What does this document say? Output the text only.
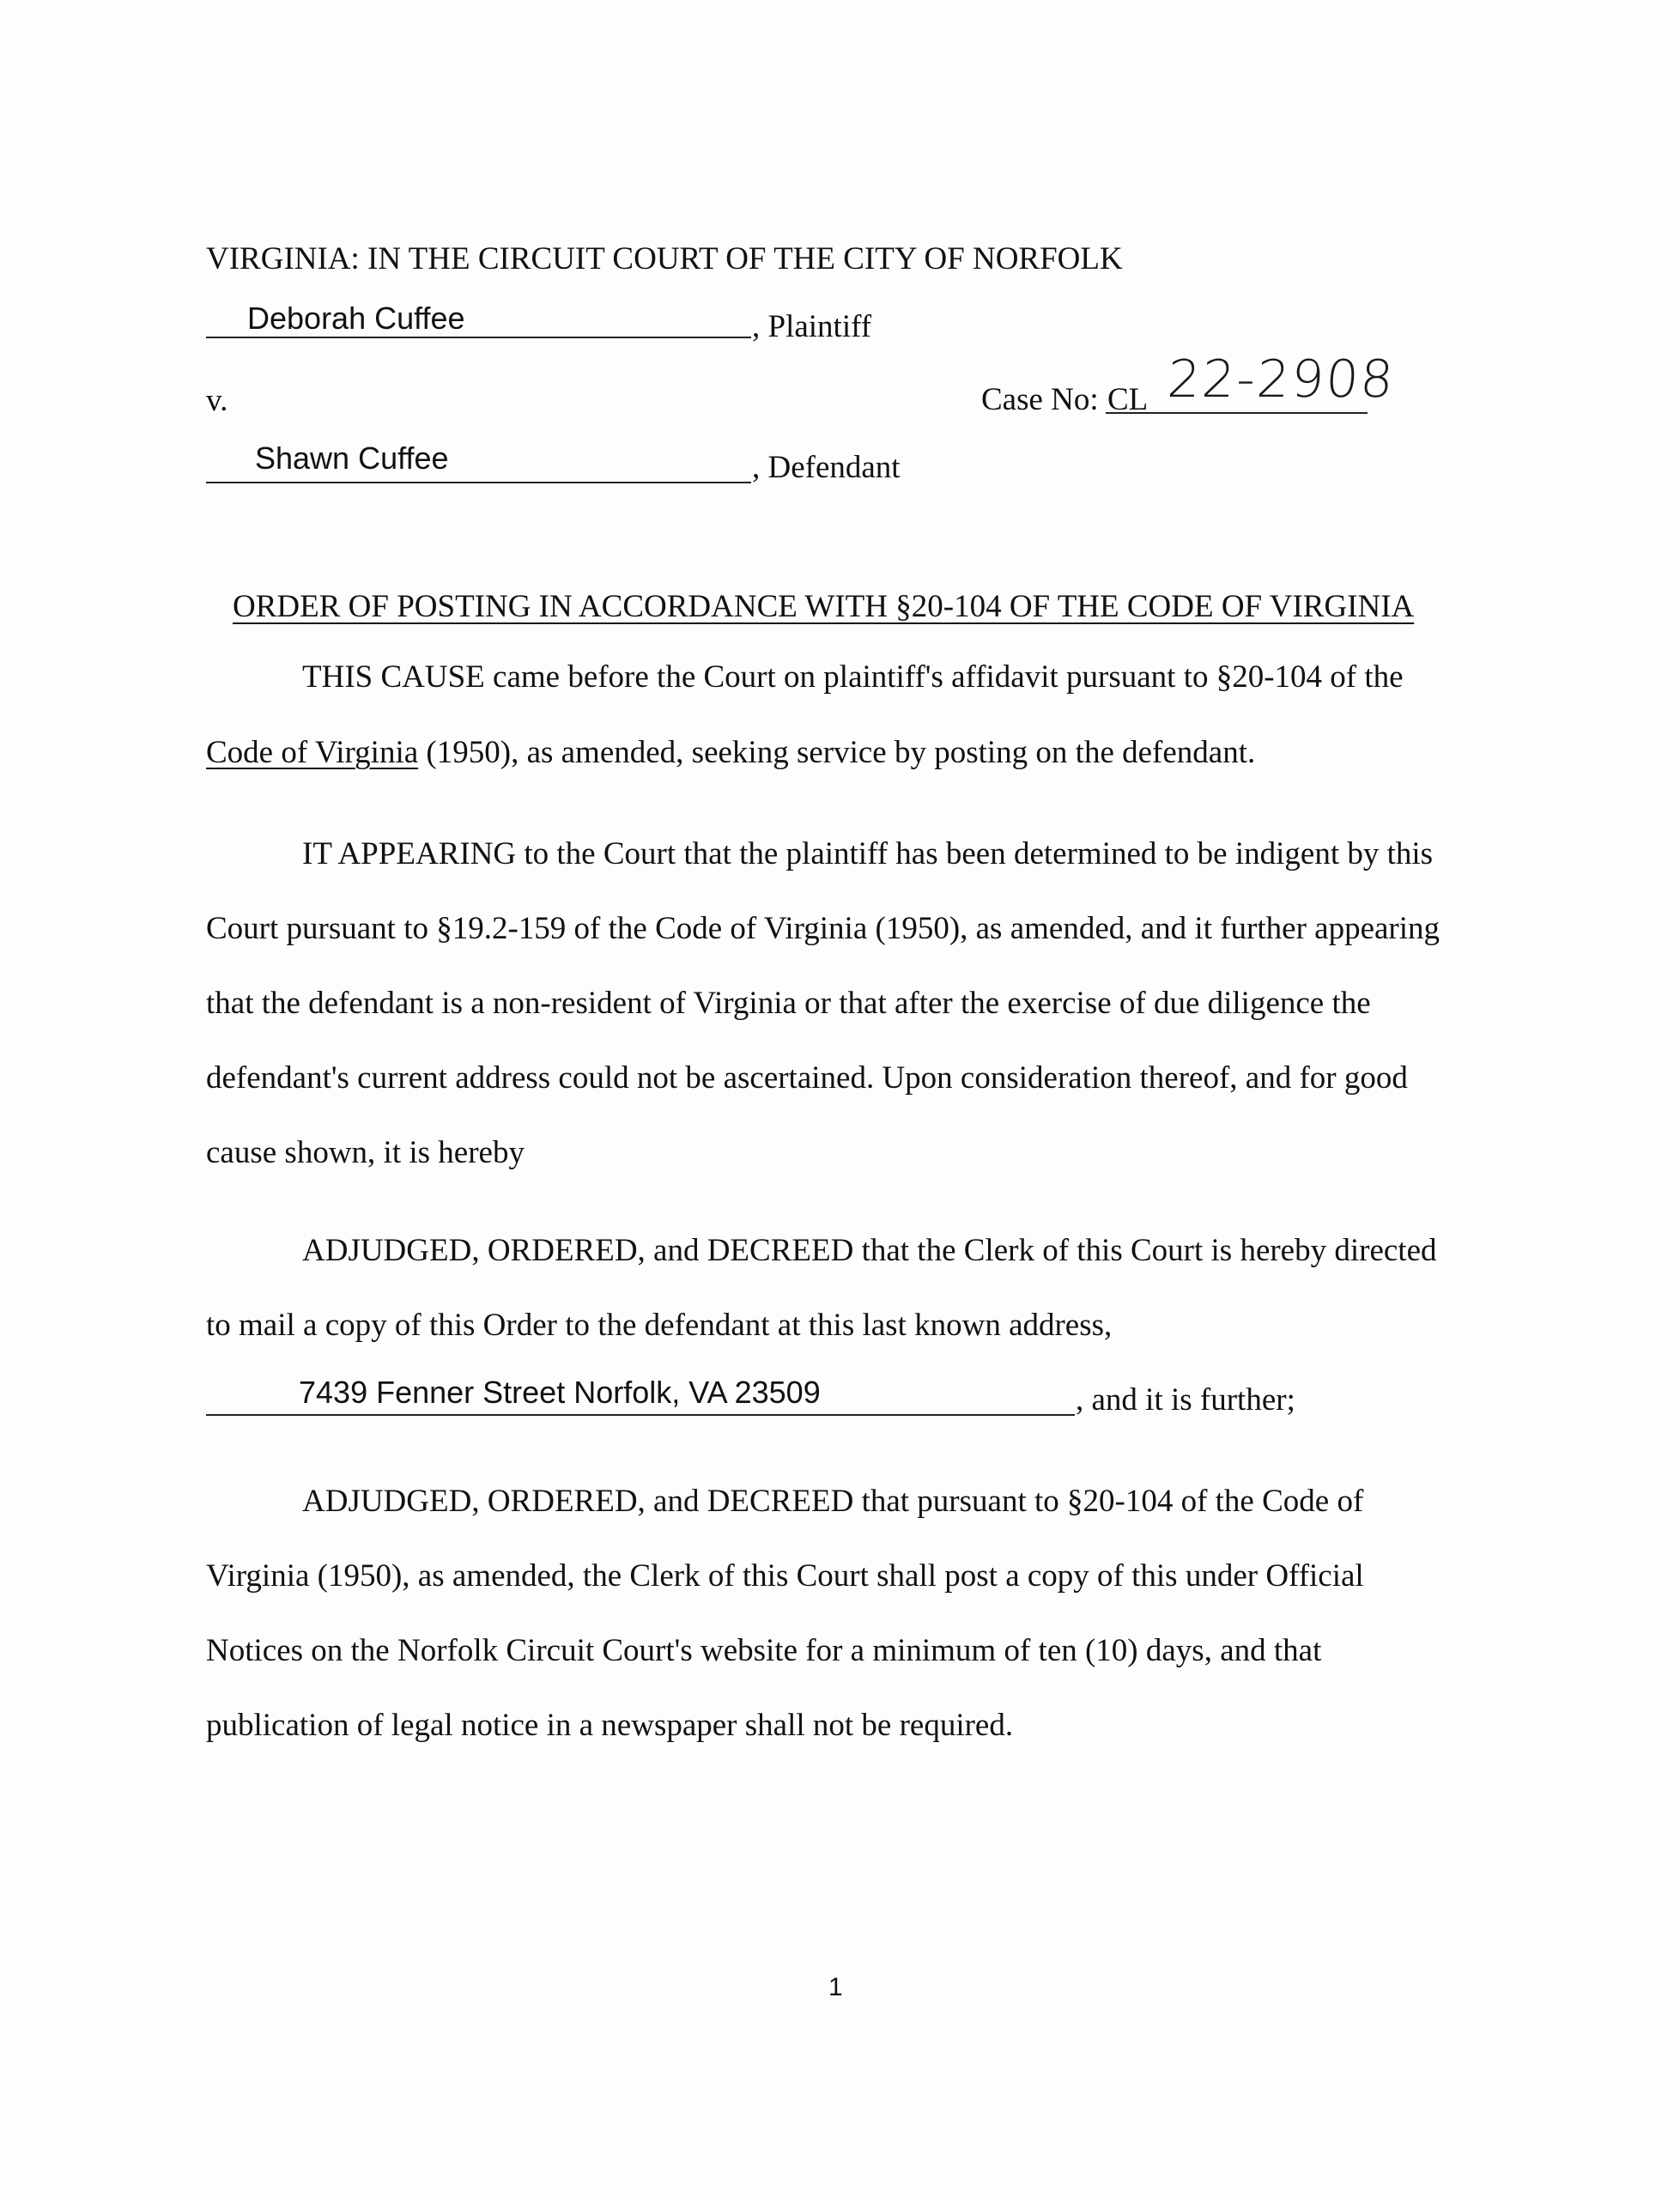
VIRGINIA: IN THE CIRCUIT COURT OF THE CITY OF NORFOLK
Deborah Cuffee	, Plaintiff
v.	Case No: CL 22-2908
Shawn Cuffee	, Defendant
ORDER OF POSTING IN ACCORDANCE WITH §20-104 OF THE CODE OF VIRGINIA
THIS CAUSE came before the Court on plaintiff's affidavit pursuant to §20-104 of the
Code of Virginia (1950), as amended, seeking service by posting on the defendant.
IT APPEARING to the Court that the plaintiff has been determined to be indigent by this
Court pursuant to §19.2-159 of the Code of Virginia (1950), as amended, and it further appearing
that the defendant is a non-resident of Virginia or that after the exercise of due diligence the
defendant's current address could not be ascertained. Upon consideration thereof, and for good
cause shown, it is hereby
ADJUDGED, ORDERED, and DECREED that the Clerk of this Court is hereby directed
to mail a copy of this Order to the defendant at this last known address,
7439 Fenner Street Norfolk, VA 23509	, and it is further;
ADJUDGED, ORDERED, and DECREED that pursuant to §20-104 of the Code of
Virginia (1950), as amended, the Clerk of this Court shall post a copy of this under Official
Notices on the Norfolk Circuit Court's website for a minimum of ten (10) days, and that
publication of legal notice in a newspaper shall not be required.
1
